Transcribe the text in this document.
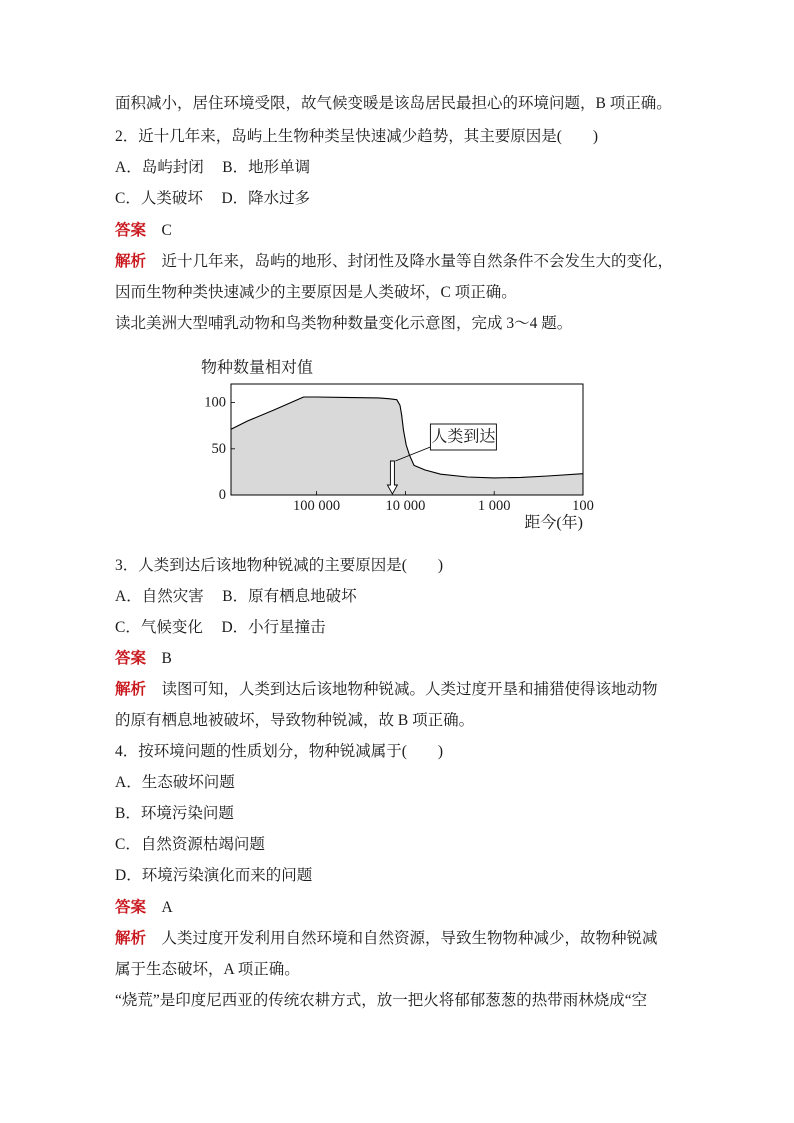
面积减小，居住环境受限，故气候变暖是该岛居民最担心的环境问题，B 项正确。
2．近十几年来，岛屿上生物种类呈快速减少趋势，其主要原因是(　　)
A．岛屿封闭 B．地形单调
C．人类破坏 D．降水过多
答案 C
解析 近十几年来，岛屿的地形、封闭性及降水量等自然条件不会发生大的变化，
因而生物种类快速减少的主要原因是人类破坏，C 项正确。
读北美洲大型哺乳动物和鸟类物种数量变化示意图，完成 3～4 题。
物种数量相对值
100
50
0
100 000	10 000	1 000	100
距今(年)
人类到达
3．人类到达后该地物种锐减的主要原因是(　　)
A．自然灾害 B．原有栖息地破坏
C．气候变化 D．小行星撞击
答案 B
解析 读图可知，人类到达后该地物种锐减。人类过度开垦和捕猎使得该地动物
的原有栖息地被破坏，导致物种锐减，故 B 项正确。
4．按环境问题的性质划分，物种锐减属于(　　)
A．生态破坏问题
B．环境污染问题
C．自然资源枯竭问题
D．环境污染演化而来的问题
答案 A
解析 人类过度开发利用自然环境和自然资源，导致生物物种减少，故物种锐减
属于生态破坏，A 项正确。
“烧荒”是印度尼西亚的传统农耕方式，放一把火将郁郁葱葱的热带雨林烧成“空
